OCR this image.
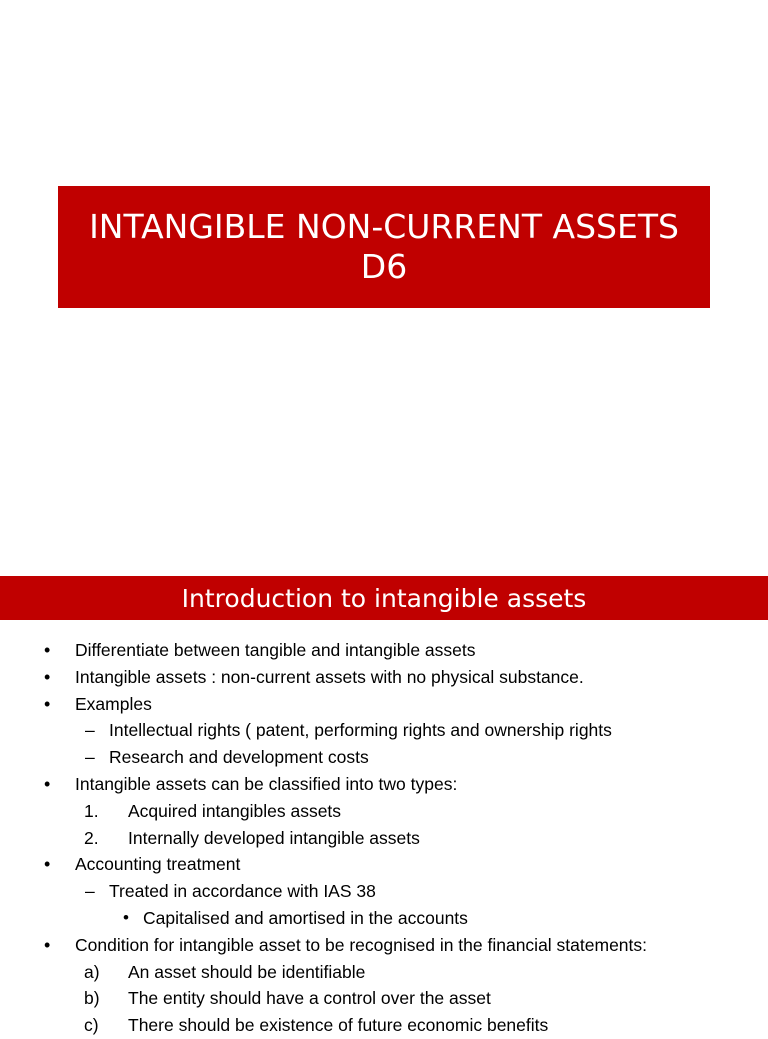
INTANGIBLE NON-CURRENT ASSETS
D6
Introduction to intangible assets
• Differentiate between tangible and intangible assets
• Intangible assets : non-current assets with no physical substance.
• Examples
– Intellectual rights ( patent, performing rights and ownership rights
– Research and development costs
• Intangible assets can be classified into two types:
1. Acquired intangibles assets
2. Internally developed intangible assets
• Accounting treatment
– Treated in accordance with IAS 38
• Capitalised and amortised in the accounts
• Condition for intangible asset to be recognised in the financial statements:
a) An asset should be identifiable
b) The entity should have a control over the asset
c) There should be existence of future economic benefits
